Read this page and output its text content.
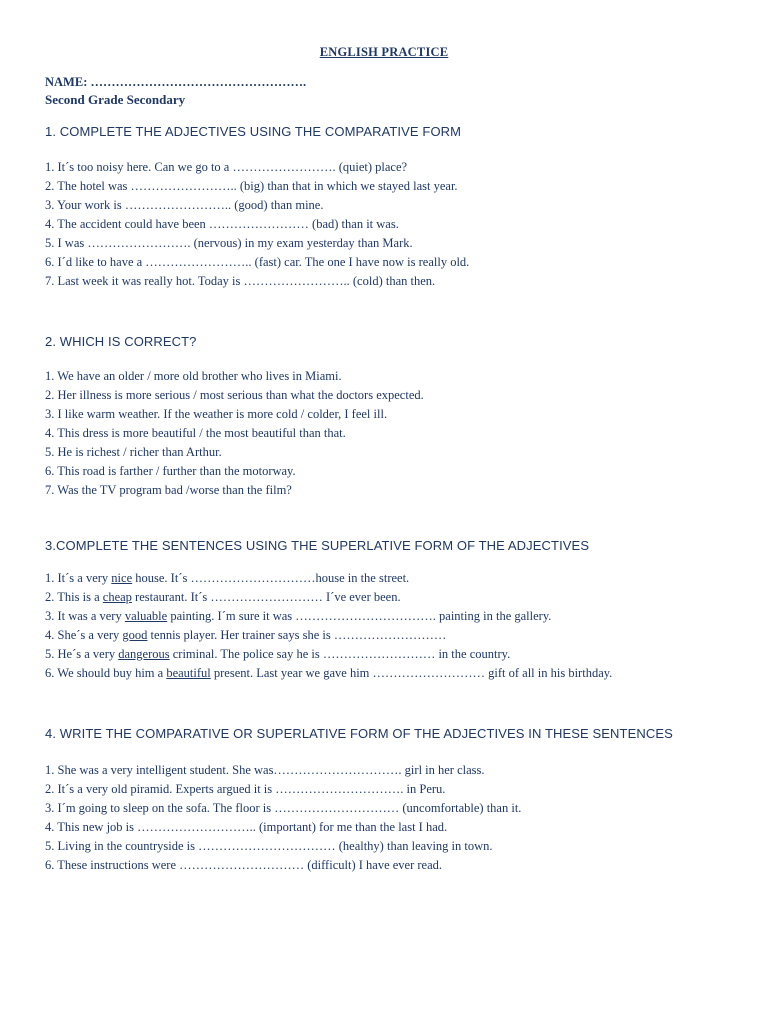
ENGLISH PRACTICE
NAME: …………………………………………….
Second Grade Secondary
1. COMPLETE THE ADJECTIVES USING THE COMPARATIVE FORM
1. It´s too noisy here. Can we go to a ……………………. (quiet) place?
2. The hotel was …………………….. (big) than that in which we stayed last year.
3. Your work is …………………….. (good) than mine.
4. The accident could have been …………………… (bad) than it was.
5. I was ……………………. (nervous) in my exam yesterday than Mark.
6. I´d like to have a …………………….. (fast) car. The one I have now is really old.
7. Last week it was really hot. Today is …………………….. (cold) than then.
2. WHICH IS CORRECT?
1. We have an older / more old brother who lives in Miami.
2. Her illness is more serious / most serious than what the doctors expected.
3. I like warm weather. If the weather is more cold / colder, I feel ill.
4. This dress is more beautiful / the most beautiful than that.
5. He is richest / richer than Arthur.
6. This road is farther / further than the motorway.
7. Was the TV program bad /worse than the film?
3.COMPLETE THE SENTENCES USING THE SUPERLATIVE FORM OF THE ADJECTIVES
1. It´s a very nice house. It´s …………………………house in the street.
2. This is a cheap restaurant. It´s ……………………… I´ve ever been.
3. It was a very valuable painting. I´m sure it was ……………………………. painting in the gallery.
4. She´s a very good tennis player. Her trainer says she is ………………………
5. He´s a very dangerous criminal. The police say he is ……………………… in the country.
6. We should buy him a beautiful present. Last year we gave him ……………………… gift of all in his birthday.
4. WRITE THE COMPARATIVE OR SUPERLATIVE FORM OF THE ADJECTIVES IN THESE SENTENCES
1. She was a very intelligent student. She was…………………………. girl in her class.
2. It´s a very old piramid. Experts argued it is …………………………. in Peru.
3. I´m going to sleep on the sofa. The floor is ………………………… (uncomfortable) than it.
4. This new job is ……………………….. (important) for me than the last I had.
5. Living in the countryside is …………………………… (healthy) than leaving in town.
6. These instructions were ………………………… (difficult) I have ever read.
